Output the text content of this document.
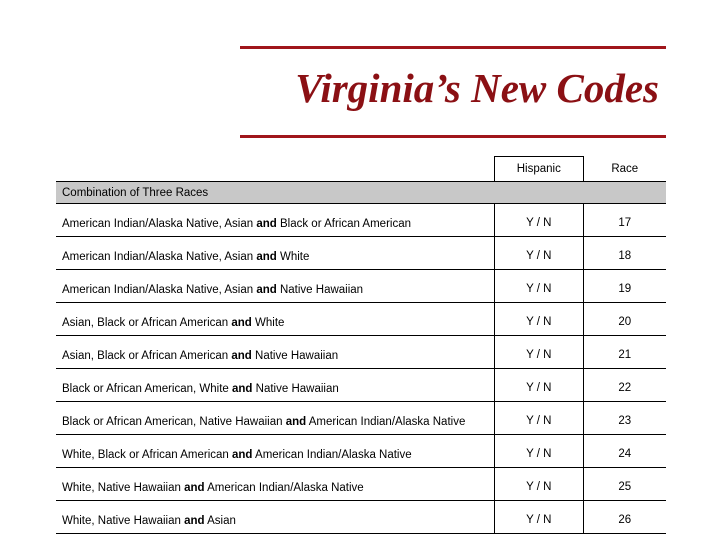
Virginia’s New Codes
	Hispanic	Race
Combination of Three Races		
American Indian/Alaska Native, Asian and Black or African American	Y / N	17
American Indian/Alaska Native, Asian and White	Y / N	18
American Indian/Alaska Native, Asian and Native Hawaiian	Y / N	19
Asian, Black or African American and White	Y / N	20
Asian, Black or African American and Native Hawaiian	Y / N	21
Black or African American, White and Native Hawaiian	Y / N	22
Black or African American, Native Hawaiian and American Indian/Alaska Native	Y / N	23
White, Black or African American and American Indian/Alaska Native	Y / N	24
White, Native Hawaiian and American Indian/Alaska Native	Y / N	25
White, Native Hawaiian and Asian	Y / N	26
